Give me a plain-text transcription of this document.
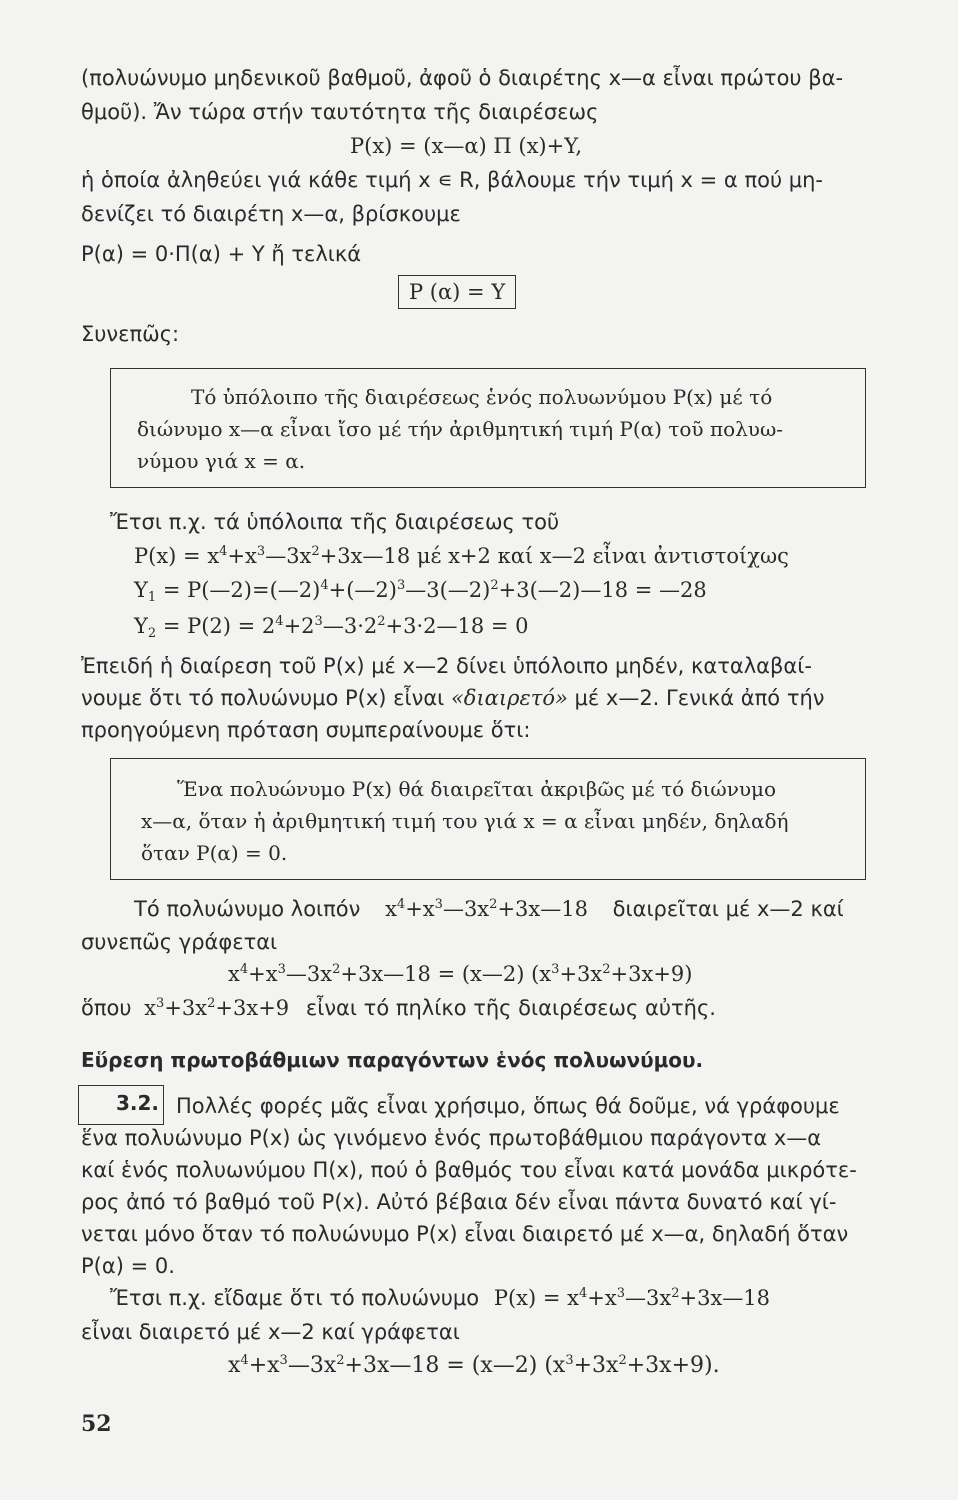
(πολυώνυμο μηδενικοῦ βαθμοῦ, ἀφοῦ ὁ διαιρέτης x—α εἶναι πρώτου βα-
θμοῦ). Ἄν τώρα στήν ταυτότητα τῆς διαιρέσεως
P(x) = (x—α) Π (x)+Y,
ἡ ὁποία ἀληθεύει γιά κάθε τιμή x ∊ R, βάλουμε τήν τιμή x = α πού μη-
δενίζει τό διαιρέτη x—α, βρίσκουμε
P(α) = 0·Π(α) + Y ἤ τελικά
P (α) = Y
Συνεπῶς:
Τό ὑπόλοιπο τῆς διαιρέσεως ἑνός πολυωνύμου P(x) μέ τό
διώνυμο x—α εἶναι ἴσο μέ τήν ἀριθμητική τιμή P(α) τοῦ πολυω-
νύμου γιά x = α.
Ἔτσι π.χ. τά ὑπόλοιπα τῆς διαιρέσεως τοῦ
$P(x) = x^4+x^3—3x^2+3x—18$ μέ x+2 καί x—2 εἶναι ἀντιστοίχως
$Y_1$ = P(—2)=(—2)$^4$+(—2)$^3$—3(—2)$^2$+3(—2)—18 = —28
$Y_2 = P(2)$ = $2^4+2^3—3\cdot 2^2+3\cdot 2—18 = 0$
Ἐπειδή ἡ διαίρεση τοῦ P(x) μέ x—2 δίνει ὑπόλοιπο μηδέν, καταλαβαί-
νουμε ὅτι τό πολυώνυμο P(x) εἶναι «διαιρετό» μέ x—2. Γενικά ἀπό τήν
προηγούμενη πρόταση συμπεραίνουμε ὅτι:
Ἕνα πολυώνυμο P(x) θά διαιρεῖται ἀκριβῶς μέ τό διώνυμο
x—α, ὅταν ἡ ἀριθμητική τιμή του γιά x = α εἶναι μηδέν, δηλαδή
ὅταν P(α) = 0.
Τό πολυώνυμο λοιπόν $x^4+x^3—3x^2+3x—18$ διαιρεῖται μέ x—2 καί
συνεπῶς γράφεται
$x^4+x^3—3x^2+3x—18$ = (x—2) $(x^3+3x^2+3x+9)$
ὅπου $x^3+3x^2+3x+9$ εἶναι τό πηλίκο τῆς διαιρέσεως αὐτῆς.
Εὕρεση πρωτοβάθμιων παραγόντων ἑνός πολυωνύμου.
3.2. Πολλές φορές μᾶς εἶναι χρήσιμο, ὅπως θά δοῦμε, νά γράφουμε
ἕνα πολυώνυμο P(x) ὡς γινόμενο ἑνός πρωτοβάθμιου παράγοντα x—α
καί ἑνός πολυωνύμου Π(x), πού ὁ βαθμός του εἶναι κατά μονάδα μικρότε-
ρος ἀπό τό βαθμό τοῦ P(x). Αὐτό βέβαια δέν εἶναι πάντα δυνατό καί γί-
νεται μόνο ὅταν τό πολυώνυμο P(x) εἶναι διαιρετό μέ x—α, δηλαδή ὅταν
P(α) = 0.
Ἔτσι π.χ. εἴδαμε ὅτι τό πολυώνυμο $P(x) = x^4+x^3—3x^2+3x—18$
εἶναι διαιρετό μέ x—2 καί γράφεται
$x^4+x^3—3x^2+3x—18$ = (x—2) $(x^3+3x^2+3x+9)$.
52
